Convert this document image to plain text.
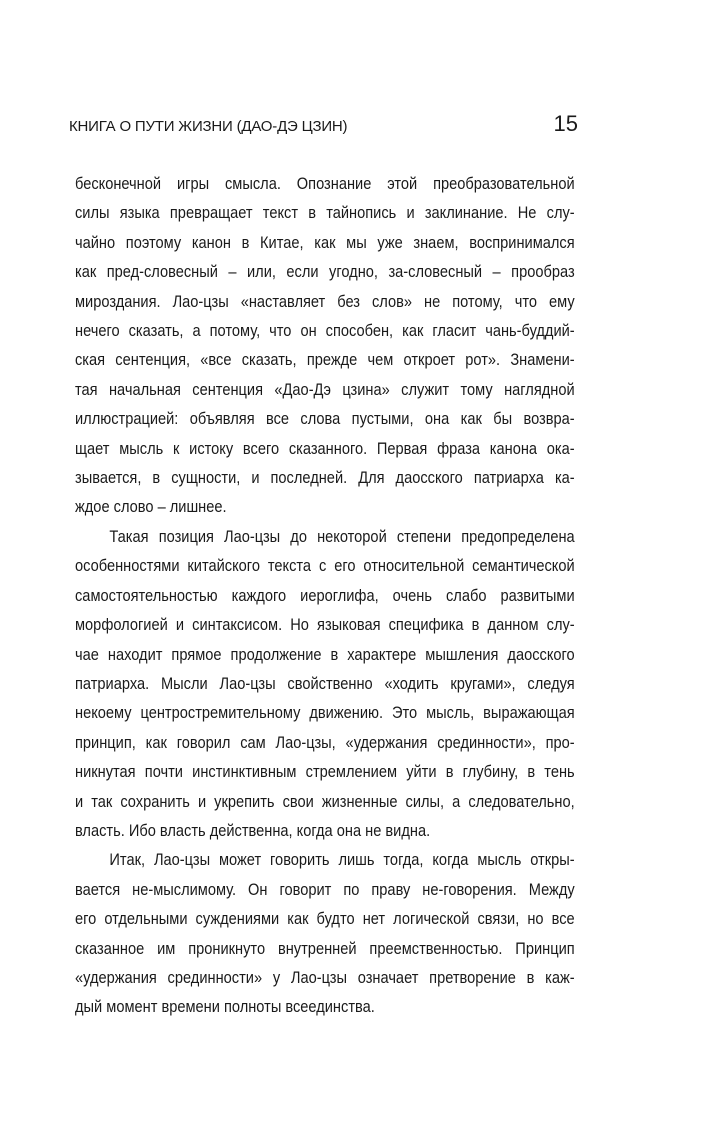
КНИГА О ПУТИ ЖИЗНИ (ДАО-ДЭ ЦЗИН)	15
бесконечной игры смысла. Опознание этой преобразовательной
силы языка превращает текст в тайнопись и заклинание. Не слу-
чайно поэтому канон в Китае, как мы уже знаем, воспринимался
как пред-словесный – или, если угодно, за-словесный – прообраз
мироздания. Лао-цзы «наставляет без слов» не потому, что ему
нечего сказать, а потому, что он способен, как гласит чань-буддий-
ская сентенция, «все сказать, прежде чем откроет рот». Знамени-
тая начальная сентенция «Дао-Дэ цзина» служит тому наглядной
иллюстрацией: объявляя все слова пустыми, она как бы возвра-
щает мысль к истоку всего сказанного. Первая фраза канона ока-
зывается, в сущности, и последней. Для даосского патриарха ка-
ждое слово – лишнее.
Такая позиция Лао-цзы до некоторой степени предопределена
особенностями китайского текста с его относительной семантической
самостоятельностью каждого иероглифа, очень слабо развитыми
морфологией и синтаксисом. Но языковая специфика в данном слу-
чае находит прямое продолжение в характере мышления даосского
патриарха. Мысли Лао-цзы свойственно «ходить кругами», следуя
некоему центростремительному движению. Это мысль, выражающая
принцип, как говорил сам Лао-цзы, «удержания срединности», про-
никнутая почти инстинктивным стремлением уйти в глубину, в тень
и так сохранить и укрепить свои жизненные силы, а следовательно,
власть. Ибо власть действенна, когда она не видна.
Итак, Лао-цзы может говорить лишь тогда, когда мысль откры-
вается не-мыслимому. Он говорит по праву не-говорения. Между
его отдельными суждениями как будто нет логической связи, но все
сказанное им проникнуто внутренней преемственностью. Принцип
«удержания срединности» у Лао-цзы означает претворение в каж-
дый момент времени полноты всеединства.
